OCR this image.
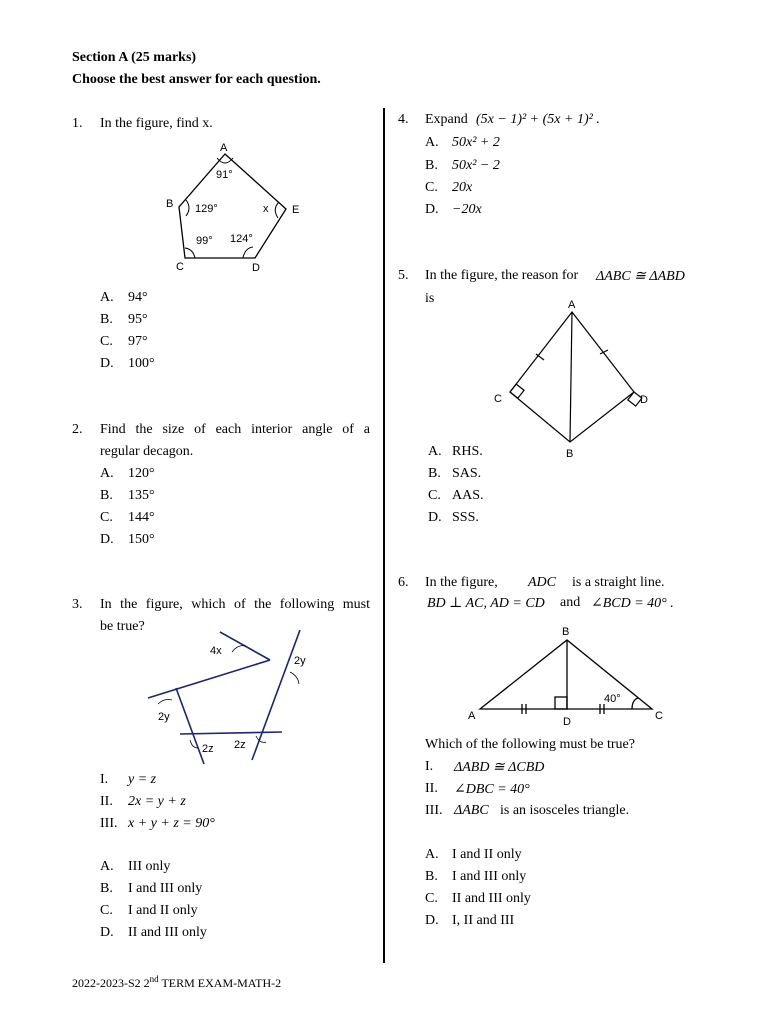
Section A (25 marks)
Choose the best answer for each question.
1. In the figure, find x.
A
91°
B 129°	x E
99° 124°
C	D
A. 94°
B. 95°
C. 97°
D. 100°
2. Find the size of each interior angle of a
regular decagon.
A. 120°
B. 135°
C. 144°
D. 150°
3. In the figure, which of the following must
be true?
4x
2y
2y
2z 2z
I. y = z
II. 2x = y + z
III. x + y + z = 90°
A. III only
B. I and III only
C. I and II only
D. II and III only
4. Expand (5x − 1)² + (5x + 1)² .
A. 50x² + 2
B. 50x² − 2
C. 20x
D. −20x
5. In the figure, the reason for ΔABC ≅ ΔABD
is	A
C	D
B
A. RHS.
B. SAS.
C. AAS.
D. SSS.
6. In the figure, ADC is a straight line.
BD ⊥ AC, AD = CD and ∠BCD = 40° .
B
A	D	C
40°
Which of the following must be true?
I. ΔABD ≅ ΔCBD
II. ∠DBC = 40°
III. ΔABC is an isosceles triangle.
A. I and II only
B. I and III only
C. II and III only
D. I, II and III
2022-2023-S2 2nd TERM EXAM-MATH-2
